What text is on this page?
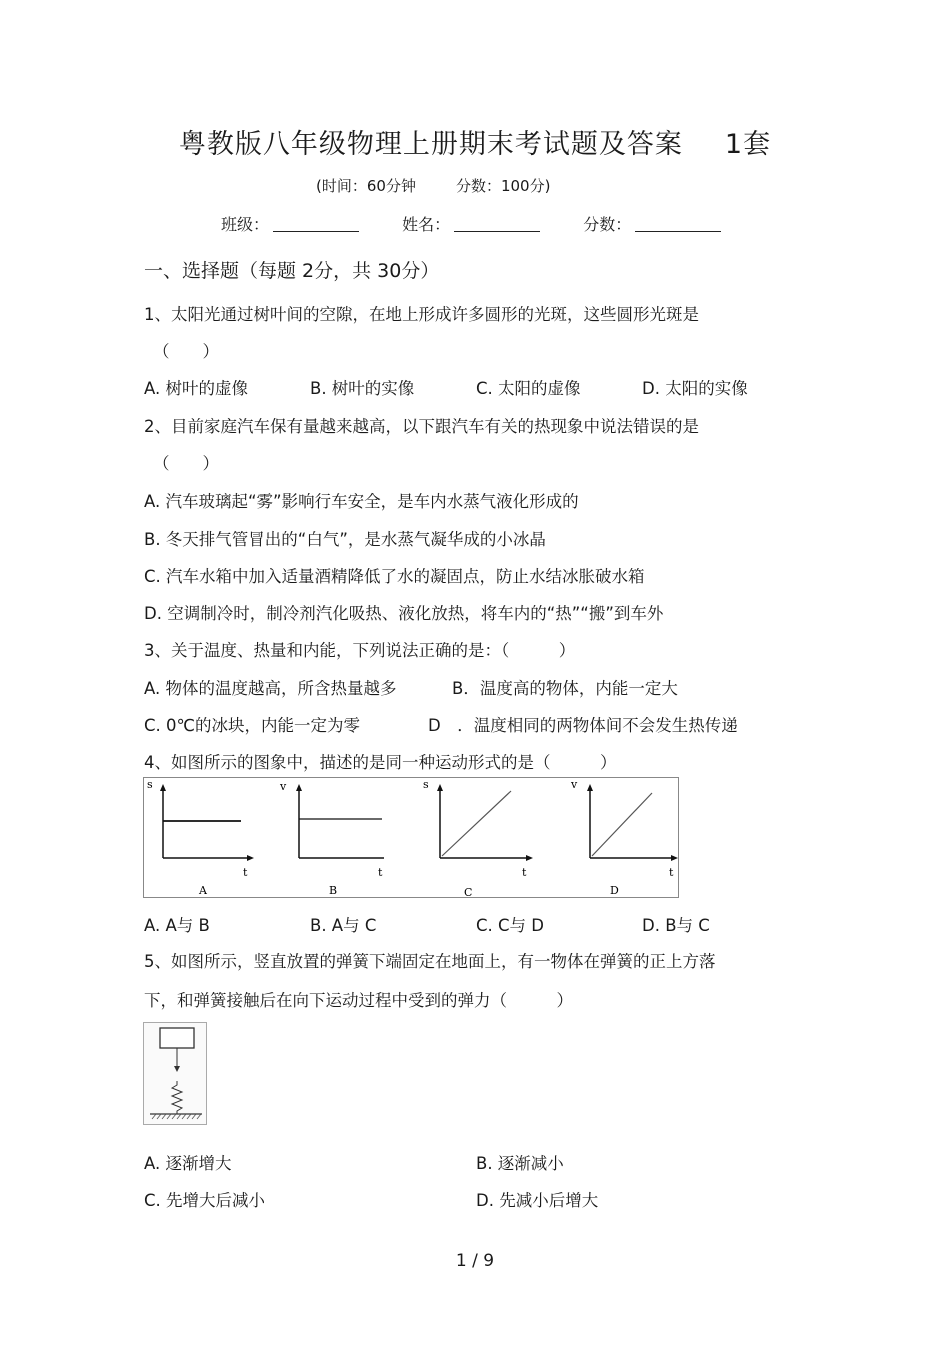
粤教版八年级物理上册期末考试题及答案 1套
(时间：60分钟	分数：100分)
班级：	姓名：	分数：
一、选择题（每题 2分，共 30分）
1、太阳光通过树叶间的空隙，在地上形成许多圆形的光斑，这些圆形光斑是
（　　）
A. 树叶的虚像	B. 树叶的实像	C. 太阳的虚像	D. 太阳的实像
2、目前家庭汽车保有量越来越高，以下跟汽车有关的热现象中说法错误的是
（　　）
A. 汽车玻璃起“雾”影响行车安全，是车内水蒸气液化形成的
B. 冬天排气管冒出的“白气”，是水蒸气凝华成的小冰晶
C. 汽车水箱中加入适量酒精降低了水的凝固点，防止水结冰胀破水箱
D. 空调制冷时，制冷剂汽化吸热、液化放热，将车内的“热”“搬”到车外
3、关于温度、热量和内能，下列说法正确的是：（　　　）
A. 物体的温度越高，所含热量越多	B．温度高的物体，内能一定大
C. 0℃的冰块，内能一定为零	D　．温度相同的两物体间不会发生热传递
4、如图所示的图象中，描述的是同一种运动形式的是（　　　）
s
t
A
v
t
B
s
t
C
v
t
D
A. A与 B	B. A与 C	C. C与 D	D. B与 C
5、如图所示，竖直放置的弹簧下端固定在地面上，有一物体在弹簧的正上方落
下，和弹簧接触后在向下运动过程中受到的弹力（　　　）
A. 逐渐增大	B. 逐渐减小
C. 先增大后减小	D. 先减小后增大
1 / 9
